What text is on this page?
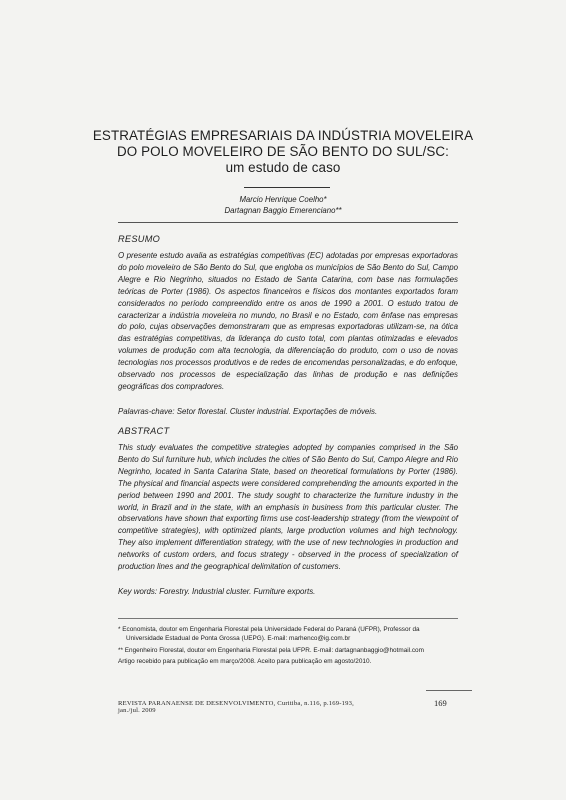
ESTRATÉGIAS EMPRESARIAIS DA INDÚSTRIA MOVELEIRA
DO POLO MOVELEIRO DE SÃO BENTO DO SUL/SC:
um estudo de caso
Marcio Henrique Coelho*
Dartagnan Baggio Emerenciano**
RESUMO
O presente estudo avalia as estratégias competitivas (EC) adotadas por empresas exportadoras do polo moveleiro de São Bento do Sul, que engloba os municípios de São Bento do Sul, Campo Alegre e Rio Negrinho, situados no Estado de Santa Catarina, com base nas formulações teóricas de Porter (1986). Os aspectos financeiros e físicos dos montantes exportados foram considerados no período compreendido entre os anos de 1990 a 2001. O estudo tratou de caracterizar a indústria moveleira no mundo, no Brasil e no Estado, com ênfase nas empresas do polo, cujas observações demonstraram que as empresas exportadoras utilizam-se, na ótica das estratégias competitivas, da liderança do custo total, com plantas otimizadas e elevados volumes de produção com alta tecnologia, da diferenciação do produto, com o uso de novas tecnologias nos processos produtivos e de redes de encomendas personalizadas, e do enfoque, observado nos processos de especialização das linhas de produção e nas definições geográficas dos compradores.
Palavras-chave: Setor florestal. Cluster industrial. Exportações de móveis.
ABSTRACT
This study evaluates the competitive strategies adopted by companies comprised in the São Bento do Sul furniture hub, which includes the cities of São Bento do Sul, Campo Alegre and Rio Negrinho, located in Santa Catarina State, based on theoretical formulations by Porter (1986). The physical and financial aspects were considered comprehending the amounts exported in the period between 1990 and 2001. The study sought to characterize the furniture industry in the world, in Brazil and in the state, with an emphasis in business from this particular cluster. The observations have shown that exporting firms use cost-leadership strategy (from the viewpoint of competitive strategies), with optimized plants, large production volumes and high technology. They also implement differentiation strategy, with the use of new technologies in production and networks of custom orders, and focus strategy - observed in the process of specialization of production lines and the geographical delimitation of customers.
Key words: Forestry. Industrial cluster. Furniture exports.
* Economista, doutor em Engenharia Florestal pela Universidade Federal do Paraná (UFPR), Professor da
Universidade Estadual de Ponta Grossa (UEPG). E-mail: marhenco@ig.com.br
** Engenheiro Florestal, doutor em Engenharia Florestal pela UFPR. E-mail: dartagnanbaggio@hotmail.com
Artigo recebido para publicação em março/2008. Aceito para publicação em agosto/2010.
REVISTA PARANAENSE DE DESENVOLVIMENTO, Curitiba, n.116, p.169-193, jan./jul. 2009
169
